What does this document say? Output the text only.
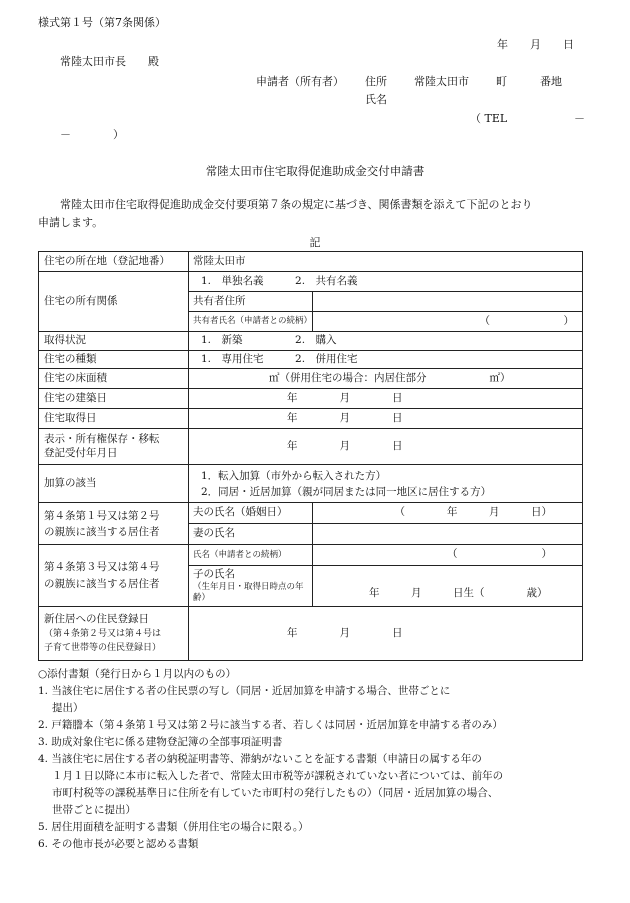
様式第１号（第7条関係）
年　　月　　日
常陸太田市長　　殿
申請者（所有者） 住所 常陸太田市 町	番地
氏名
（ TEL	－
－	）
常陸太田市住宅取得促進助成金交付申請書
常陸太田市住宅取得促進助成金交付要項第７条の規定に基づき、関係書類を添えて下記のとおり
申請します。
記
住宅の所在地（登記地番）	常陸太田市	
住宅の所有関係	1.　単独名義　　　2.　共有名義	
	共有者住所	
	共有者氏名（申請者との続柄）	（　　　　　　　）
取得状況	1.　新築　　　　　2.　購入	
住宅の種類	1.　専用住宅　　　2.　併用住宅	
住宅の床面積	㎡（併用住宅の場合：内居住部分　　　　　　㎡）	
住宅の建築日	年　　　　月　　　　日	
住宅取得日	年　　　　月　　　　日	

表示・所有権保存・移転
登記受付年月日	年　　　　月　　　　日	
加算の該当	1．転入加算（市外から転入された方）
2．同居・近居加算（親が同居または同一地区に居住する方）	

第４条第１号又は第２号
の親族に該当する居住者	夫の氏名（婚姻日）	（　　　　年　　　月　　　日）
	妻の氏名	

第４条第３号又は第４号
の親族に該当する居住者	氏名（申請者との続柄）	（　　　　　　　　）

	子の氏名
（生年月日・取得日時点の年齢）	年　　　月　　　日生（　　　　歳）

新住居への住民登録日
（第４条第２号又は第４号は
子育て世帯等の住民登録日）	年　　　　月　　　　日	
○添付書類（発行日から１月以内のもの）
1. 当該住宅に居住する者の住民票の写し（同居・近居加算を申請する場合、世帯ごとに
提出）
2. 戸籍謄本（第４条第１号又は第２号に該当する者、若しくは同居・近居加算を申請する者のみ）
3. 助成対象住宅に係る建物登記簿の全部事項証明書
4. 当該住宅に居住する者の納税証明書等、滞納がないことを証する書類（申請日の属する年の
１月１日以降に本市に転入した者で、常陸太田市税等が課税されていない者については、前年の
市町村税等の課税基準日に住所を有していた市町村の発行したもの）（同居・近居加算の場合、
世帯ごとに提出）
5. 居住用面積を証明する書類（併用住宅の場合に限る。）
6. その他市長が必要と認める書類
